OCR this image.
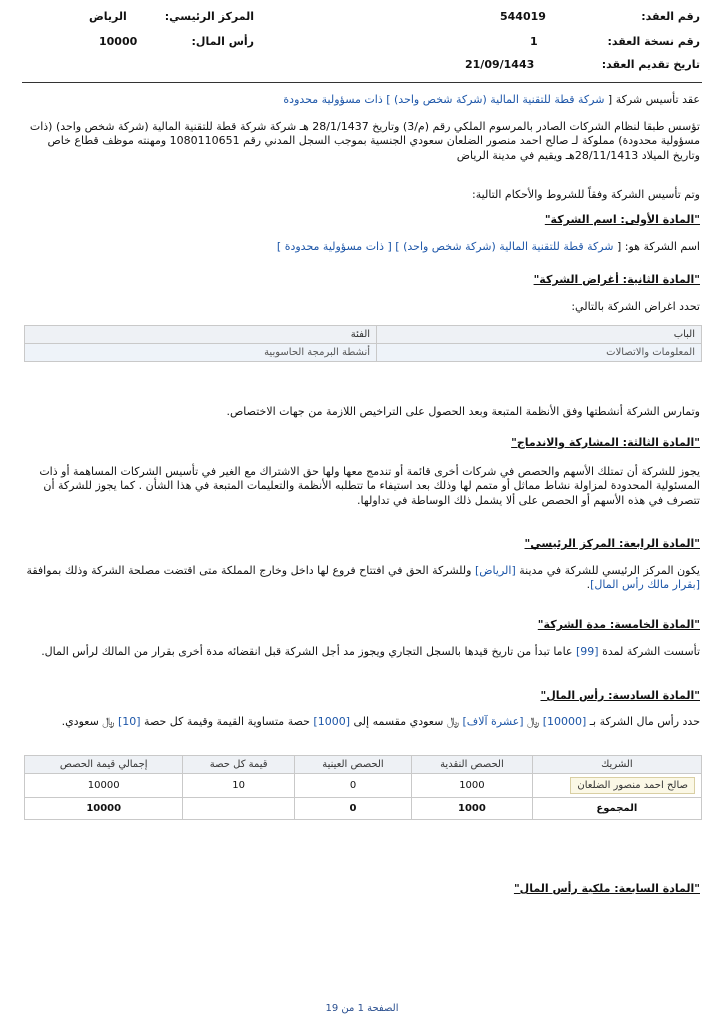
رقم العقد:
544019
رقم نسخة العقد:
1
تاريخ تقديم العقد:
21/09/1443
المركز الرئيسي:
الرياض
رأس المال:
10000
عقد تأسيس شركة [ شركة قطة للتقنية المالية (شركة شخص واحد) ] ذات مسؤولية محدودة
تؤسس طبقا لنظام الشركات الصادر بالمرسوم الملكي رقم (م/3) وتاريخ 28/1/1437 هـ شركة شركة قطة للتقنية المالية (شركة شخص واحد) (ذات مسؤولية محدودة) مملوكة لـ صالح احمد منصور الضلعان سعودي الجنسية بموجب السجل المدني رقم 1080110651 ومهنته موظف قطاع خاص وتاريخ الميلاد 28/11/1413هـ ويقيم في مدينة الرياض
وتم تأسيس الشركة وفقاً للشروط والأحكام التالية:
"المادة الأولى: اسم الشركة"
اسم الشركة هو: [ شركة قطة للتقنية المالية (شركة شخص واحد) ] [ ذات مسؤولية محدودة ]
"المادة الثانية: أغراض الشركة"
تحدد اغراض الشركة بالتالي:
الباب	الفئة
المعلومات والاتصالات	أنشطة البرمجة الحاسوبية
وتمارس الشركة أنشطتها وفق الأنظمة المتبعة وبعد الحصول على التراخيص اللازمة من جهات الاختصاص.
"المادة الثالثة: المشاركة والاندماج"
يجوز للشركة أن تمتلك الأسهم والحصص في شركات أخرى قائمة أو تندمج معها ولها حق الاشتراك مع الغير في تأسيس الشركات المساهمة أو ذات المسئولية المحدودة لمزاولة نشاط مماثل أو متمم لها وذلك بعد استيفاء ما تتطلبه الأنظمة والتعليمات المتبعة في هذا الشأن . كما يجوز للشركة أن تتصرف في هذه الأسهم أو الحصص على ألا يشمل ذلك الوساطة في تداولها.
"المادة الرابعة: المركز الرئيسي"
يكون المركز الرئيسي للشركة في مدينة [الرياض] وللشركة الحق في افتتاح فروع لها داخل وخارج المملكة متى اقتضت مصلحة الشركة وذلك بموافقة [بقرار مالك رأس المال].
"المادة الخامسة: مدة الشركة"
تأسست الشركة لمدة [99] عاما تبدأ من تاريخ قيدها بالسجل التجاري ويجوز مد أجل الشركة قبل انقضائه مدة أخرى بقرار من المالك لرأس المال.
"المادة السادسة: رأس المال"
حدد رأس مال الشركة بـ [10000] ﷼ [عشرة آلاف] ﷼ سعودي مقسمه إلى [1000] حصة متساوية القيمة وقيمة كل حصة [10] ﷼ سعودي.
الشريك	الحصص النقدية	الحصص العينية	قيمة كل حصة	إجمالي قيمة الحصص
صالح احمد منصور الضلعان	1000	0	10	10000
المجموع	1000	0		10000
"المادة السابعة: ملكية رأس المال"
الصفحة 1 من 19
